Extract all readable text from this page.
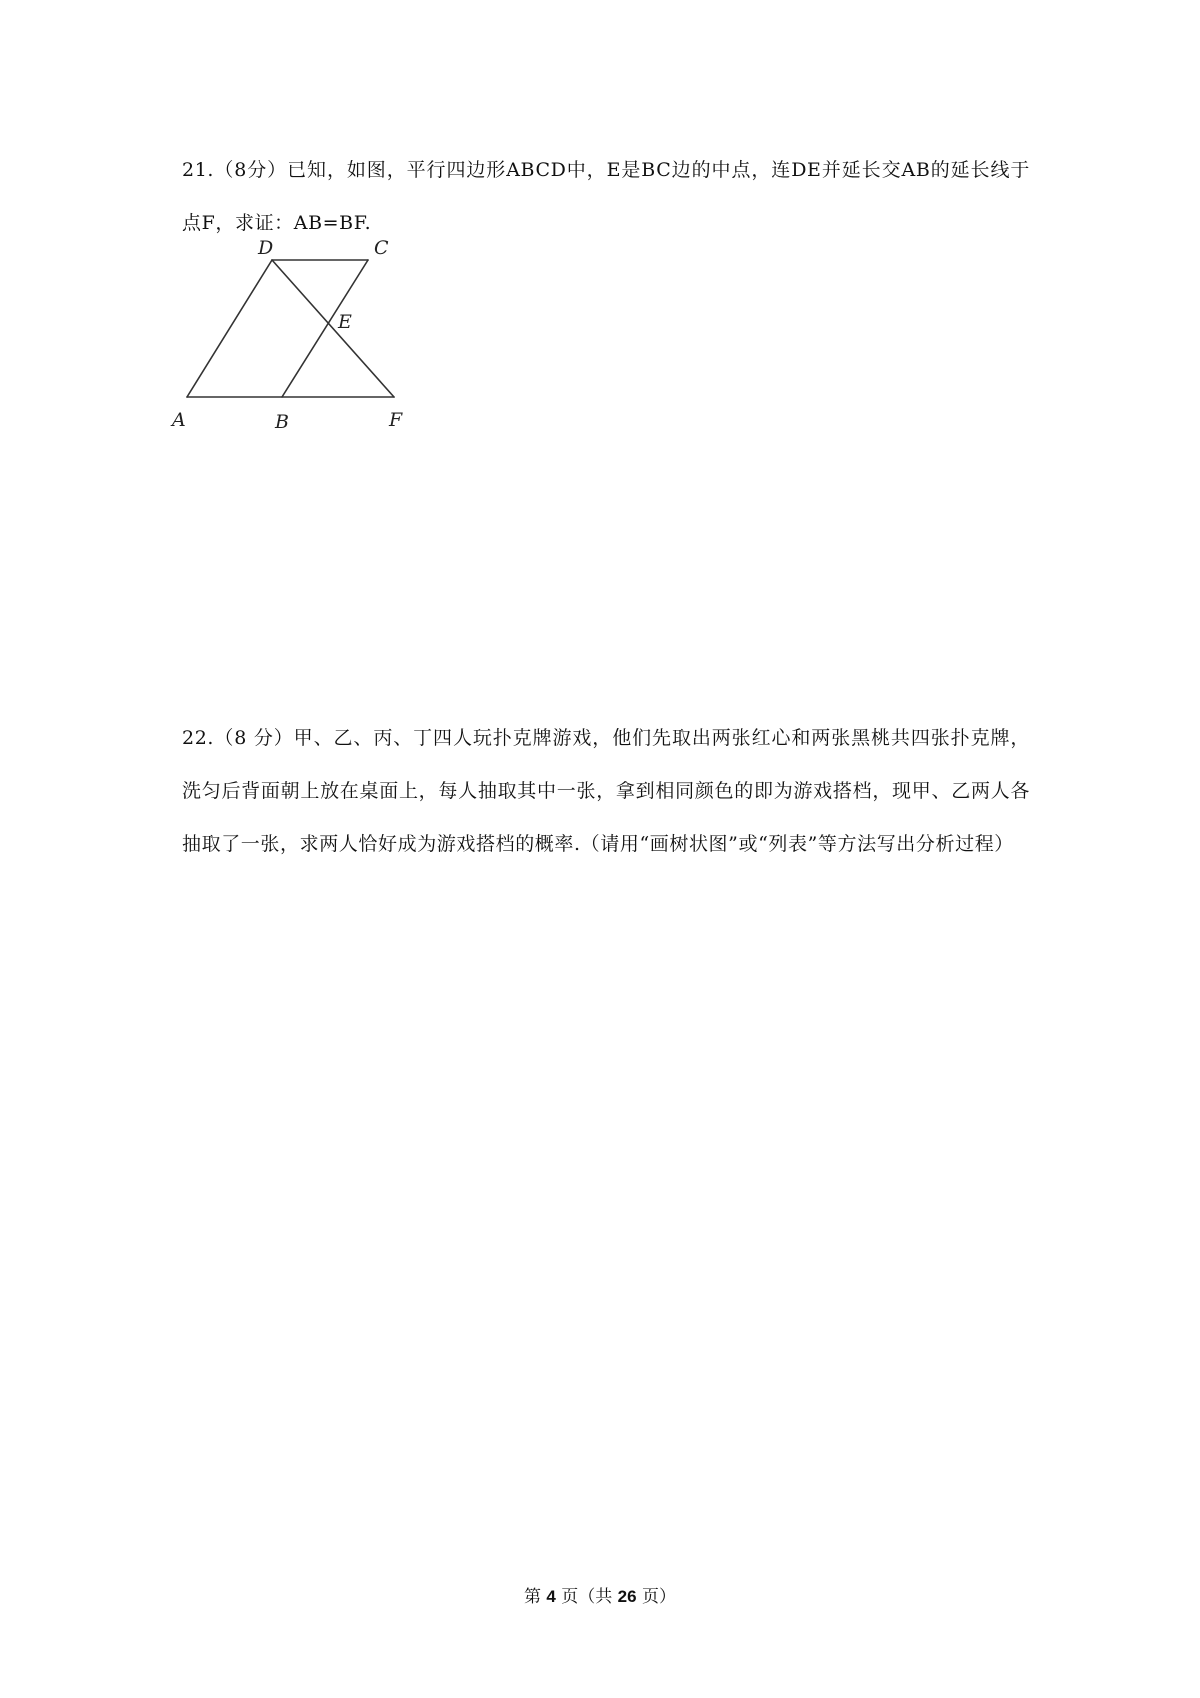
21.（8分）已知，如图，平行四边形ABCD中，E是BC边的中点，连DE并延长交AB的延长线于点F，求证：AB=BF.

D	C
E
A	B	F

22.（8 分）甲、乙、丙、丁四人玩扑克牌游戏，他们先取出两张红心和两张黑桃共四张扑克牌，洗匀后背面朝上放在桌面上，每人抽取其中一张，拿到相同颜色的即为游戏搭档，现甲、乙两人各抽取了一张，求两人恰好成为游戏搭档的概率.（请用“画树状图”或“列表”等方法写出分析过程）

第 4 页（共 26 页）
